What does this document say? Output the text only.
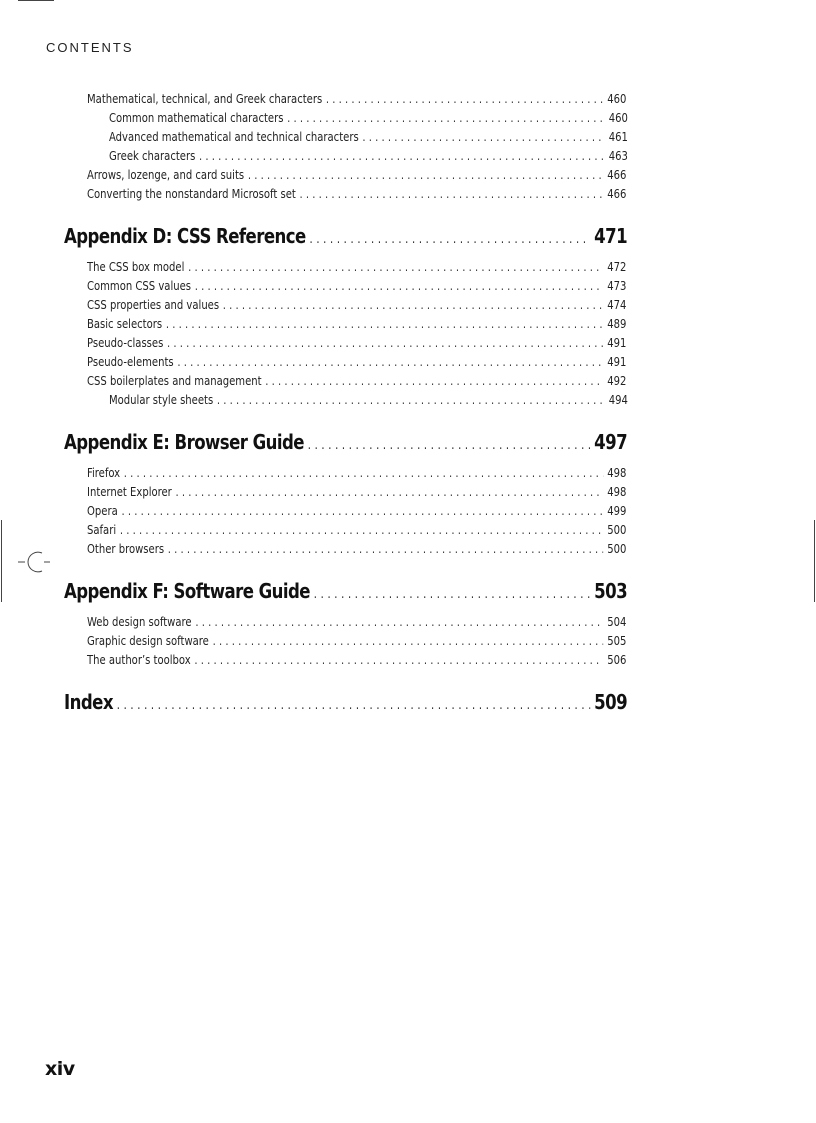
CONTENTS
Mathematical, technical, and Greek characters . . .	460
Common mathematical characters . . .	460
Advanced mathematical and technical characters . . .	461
Greek characters . . .	463
Arrows, lozenge, and card suits . . .	466
Converting the nonstandard Microsoft set . . .	466
Appendix D: CSS Reference . . .	471
The CSS box model . . .	472
Common CSS values . . .	473
CSS properties and values . . .	474
Basic selectors . . .	489
Pseudo-classes . . .	491
Pseudo-elements . . .	491
CSS boilerplates and management . . .	492
Modular style sheets . . .	494
Appendix E: Browser Guide . . .	497
Firefox . . .	498
Internet Explorer . . .	498
Opera . . .	499
Safari . . .	500
Other browsers . . .	500
Appendix F: Software Guide . . .	503
Web design software . . .	504
Graphic design software . . .	505
The author’s toolbox . . .	506
Index . . .	509
xiv
